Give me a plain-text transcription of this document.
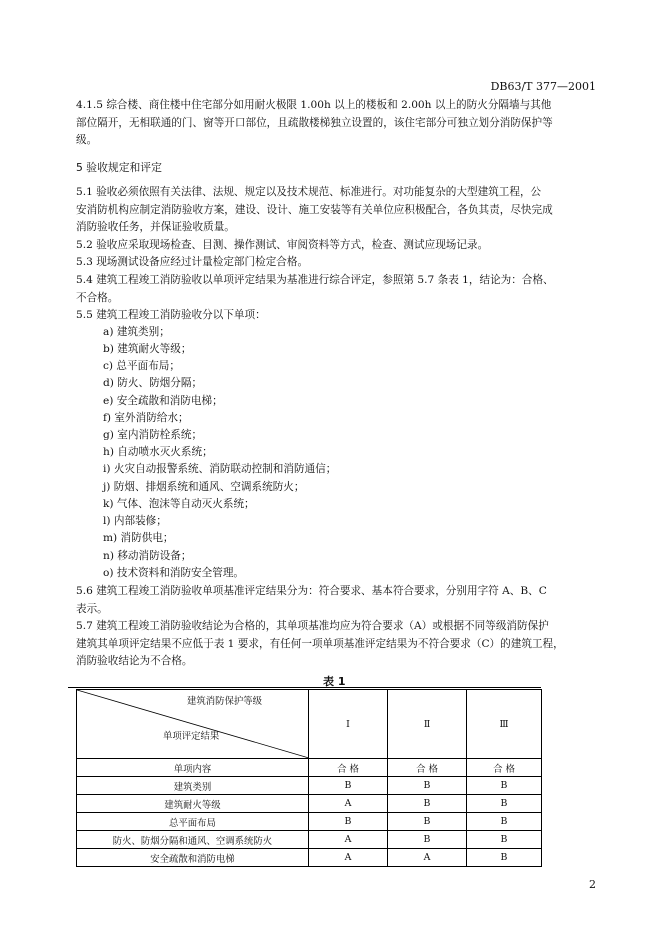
DB63/T 377—2001
4.1.5 综合楼、商住楼中住宅部分如用耐火极限 1.00h 以上的楼板和 2.00h 以上的防火分隔墙与其他
部位隔开，无相联通的门、窗等开口部位，且疏散楼梯独立设置的，该住宅部分可独立划分消防保护等
级。
5 验收规定和评定
5.1 验收必须依照有关法律、法规、规定以及技术规范、标准进行。对功能复杂的大型建筑工程，公
安消防机构应制定消防验收方案，建设、设计、施工安装等有关单位应积极配合，各负其责，尽快完成
消防验收任务，并保证验收质量。
5.2 验收应采取现场检查、目测、操作测试、审阅资料等方式，检查、测试应现场记录。
5.3 现场测试设备应经过计量检定部门检定合格。
5.4 建筑工程竣工消防验收以单项评定结果为基准进行综合评定，参照第 5.7 条表 1，结论为：合格、
不合格。
5.5 建筑工程竣工消防验收分以下单项：
a) 建筑类别；
b) 建筑耐火等级；
c) 总平面布局；
d) 防火、防烟分隔；
e) 安全疏散和消防电梯；
f) 室外消防给水；
g) 室内消防栓系统；
h) 自动喷水灭火系统；
i) 火灾自动报警系统、消防联动控制和消防通信；
j) 防烟、排烟系统和通风、空调系统防火；
k) 气体、泡沫等自动灭火系统；
l) 内部装修；
m) 消防供电；
n) 移动消防设备；
o) 技术资料和消防安全管理。
5.6 建筑工程竣工消防验收单项基准评定结果分为：符合要求、基本符合要求，分别用字符 A、B、C
表示。
5.7 建筑工程竣工消防验收结论为合格的，其单项基准均应为符合要求（A）或根据不同等级消防保护
建筑其单项评定结果不应低于表 1 要求，有任何一项单项基准评定结果为不符合要求（C）的建筑工程，
消防验收结论为不合格。
表 1
建筑消防保护等级
单项评定结果	Ⅰ	Ⅱ	Ⅲ
单项内容	合 格	合 格	合 格
建筑类别	B	B	B
建筑耐火等级	A	B	B
总平面布局	B	B	B
防火、防烟分隔和通风、空调系统防火	A	B	B
安全疏散和消防电梯	A	A	B
2
